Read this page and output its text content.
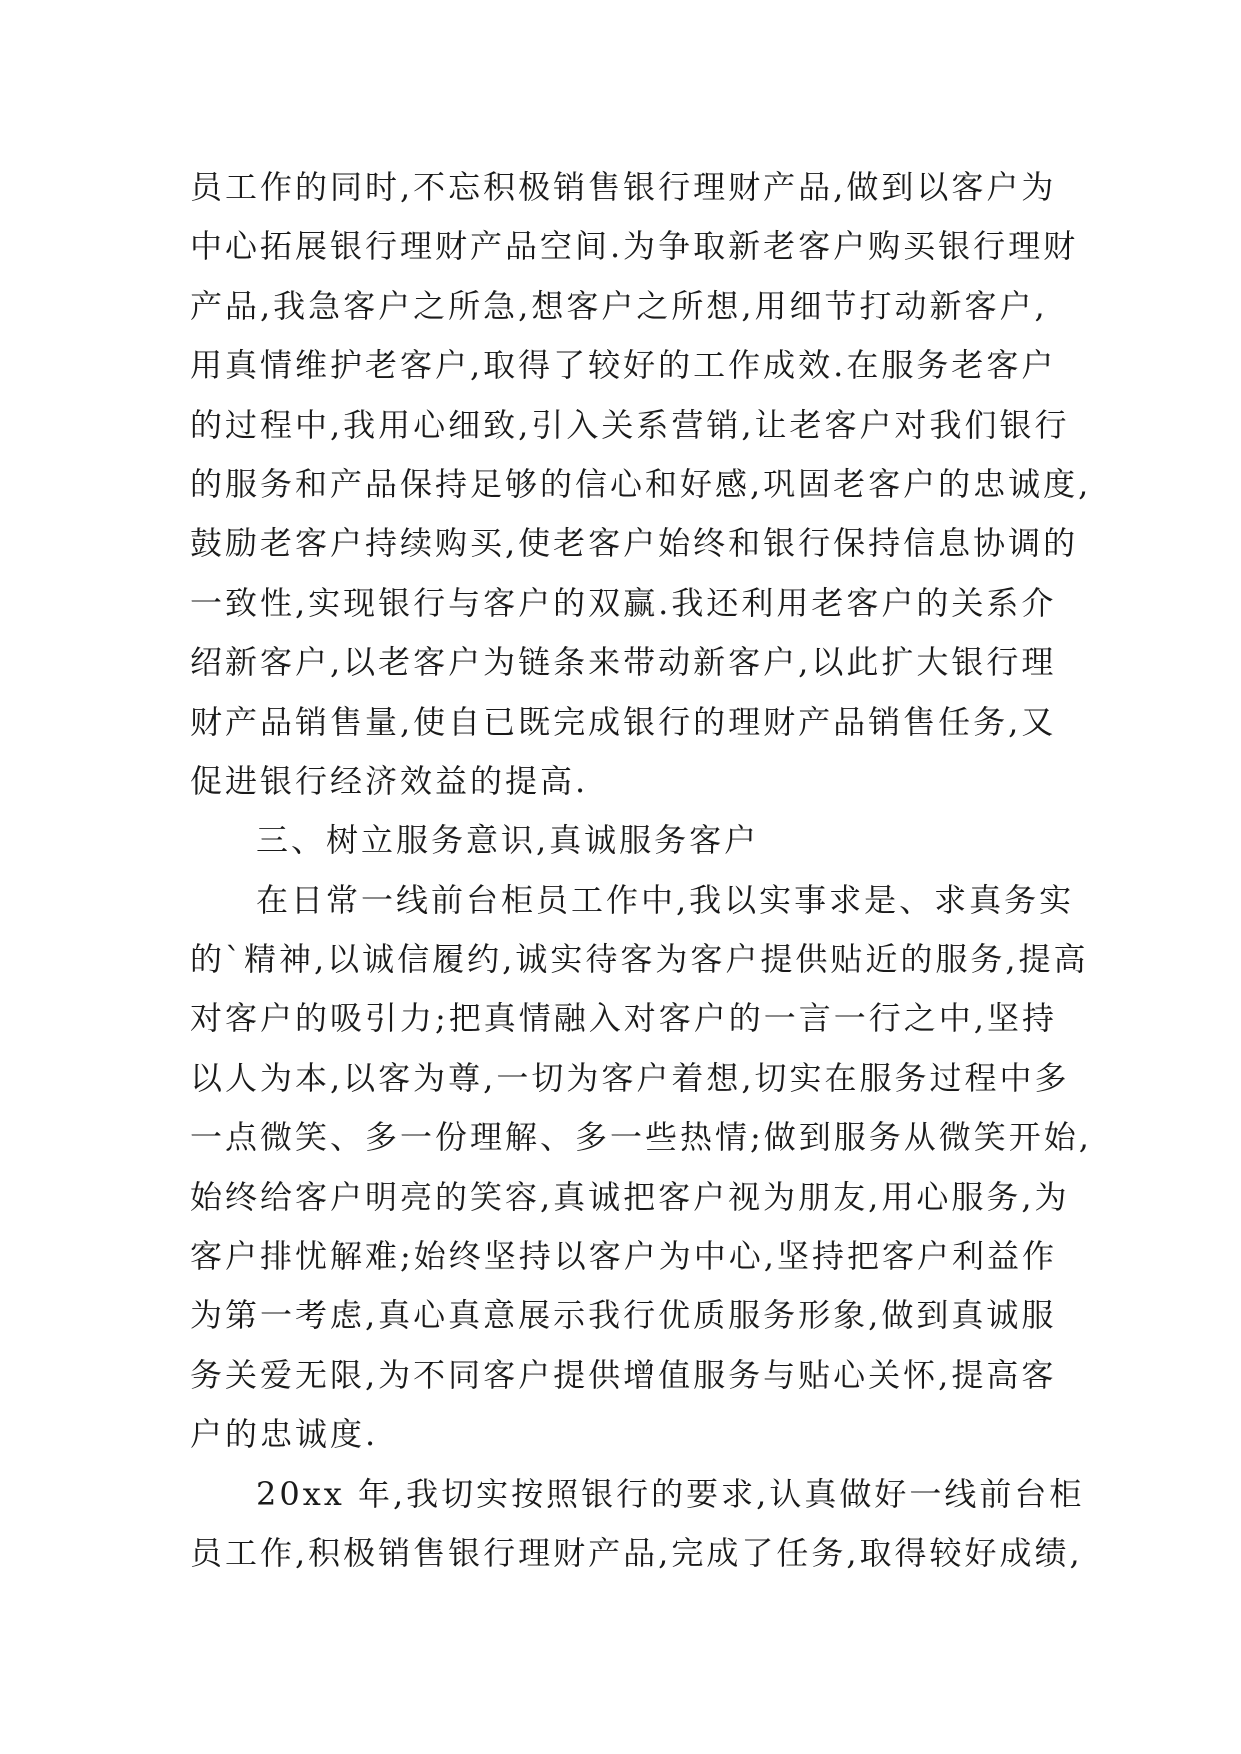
员工作的同时,不忘积极销售银行理财产品,做到以客户为
中心拓展银行理财产品空间.为争取新老客户购买银行理财
产品,我急客户之所急,想客户之所想,用细节打动新客户,
用真情维护老客户,取得了较好的工作成效.在服务老客户
的过程中,我用心细致,引入关系营销,让老客户对我们银行
的服务和产品保持足够的信心和好感,巩固老客户的忠诚度,
鼓励老客户持续购买,使老客户始终和银行保持信息协调的
一致性,实现银行与客户的双赢.我还利用老客户的关系介
绍新客户,以老客户为链条来带动新客户,以此扩大银行理
财产品销售量,使自已既完成银行的理财产品销售任务,又
促进银行经济效益的提高.
三、树立服务意识,真诚服务客户
在日常一线前台柜员工作中,我以实事求是、求真务实
的`精神,以诚信履约,诚实待客为客户提供贴近的服务,提高
对客户的吸引力;把真情融入对客户的一言一行之中,坚持
以人为本,以客为尊,一切为客户着想,切实在服务过程中多
一点微笑、多一份理解、多一些热情;做到服务从微笑开始,
始终给客户明亮的笑容,真诚把客户视为朋友,用心服务,为
客户排忧解难;始终坚持以客户为中心,坚持把客户利益作
为第一考虑,真心真意展示我行优质服务形象,做到真诚服
务关爱无限,为不同客户提供增值服务与贴心关怀,提高客
户的忠诚度.
20xx 年,我切实按照银行的要求,认真做好一线前台柜
员工作,积极销售银行理财产品,完成了任务,取得较好成绩,
